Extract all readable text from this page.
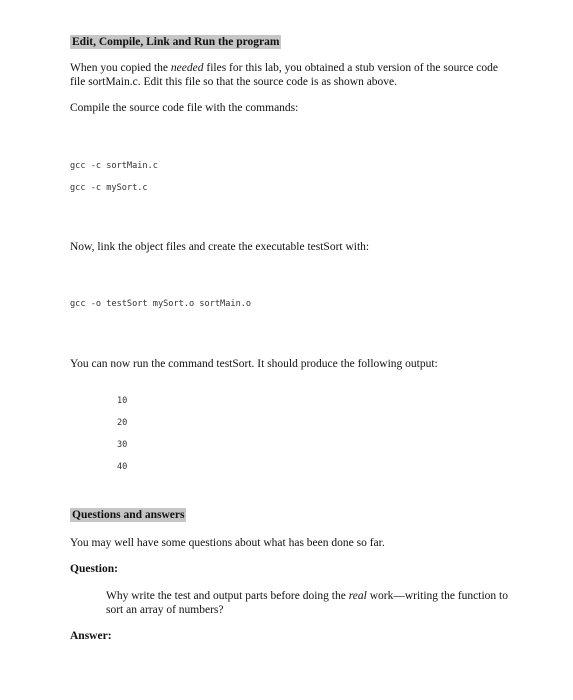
Edit, Compile, Link and Run the program
When you copied the needed files for this lab, you obtained a stub version of the source code file sortMain.c. Edit this file so that the source code is as shown above.
Compile the source code file with the commands:
gcc -c sortMain.c
gcc -c mySort.c
Now, link the object files and create the executable testSort with:
gcc -o testSort mySort.o sortMain.o
You can now run the command testSort. It should produce the following output:
10
20
30
40
Questions and answers
You may well have some questions about what has been done so far.
Question:
Why write the test and output parts before doing the real work—writing the function to sort an array of numbers?
Answer:
